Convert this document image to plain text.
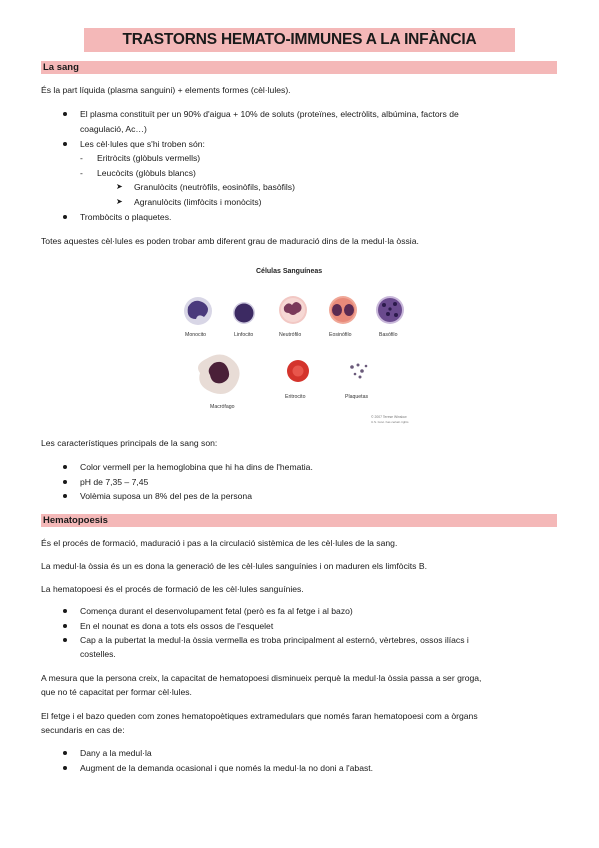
TRASTORNS HEMATO-IMMUNES A LA INFÀNCIA
La sang
És la part líquida (plasma sanguini) + elements formes (cèl·lules).
El plasma constituït per un 90% d'aigua + 10% de soluts (proteïnes, electròlits, albúmina, factors de
coagulació, Ac…)
Les cèl·lules que s'hi troben són:
- Eritròcits (glòbuls vermells)
- Leucòcits (glòbuls blancs)
➤ Granulòcits (neutròfils, eosinòfils, basòfils)
➤ Agranulòcits (limfòcits i monòcits)
Trombòcits o plaquetes.
Totes aquestes cèl·lules es poden trobar amb diferent grau de maduració dins de la medul·la òssia.
Células Sanguíneas
Monocito	Linfocito	Neutrófilo	Eosinófilo	Basófilo
Macrófago
Eritrocito	Plaquetas
© 2007 Terese Winslow
U.S. Govt. has certain rights
Les característiques principals de la sang son:
Color vermell per la hemoglobina que hi ha dins de l'hematia.
pH de 7,35 – 7,45
Volèmia suposa un 8% del pes de la persona
Hematopoesis
És el procés de formació, maduració i pas a la circulació sistèmica de les cèl·lules de la sang.
La medul·la òssia és un es dona la generació de les cèl·lules sanguínies i on maduren els limfòcits B.
La hematopoesi és el procés de formació de les cèl·lules sanguínies.
Comença durant el desenvolupament fetal (però es fa al fetge i al bazo)
En el nounat es dona a tots els ossos de l'esquelet
Cap a la pubertat la medul·la òssia vermella es troba principalment al esternó, vèrtebres, ossos ilíacs i
costelles.
A mesura que la persona creix, la capacitat de hematopoesi disminueix perquè la medul·la òssia passa a ser groga,
que no té capacitat per formar cèl·lules.
El fetge i el bazo queden com zones hematopoètiques extramedulars que només faran hematopoesi com a òrgans
secundaris en cas de:
Dany a la medul·la
Augment de la demanda ocasional i que només la medul·la no doni a l'abast.
